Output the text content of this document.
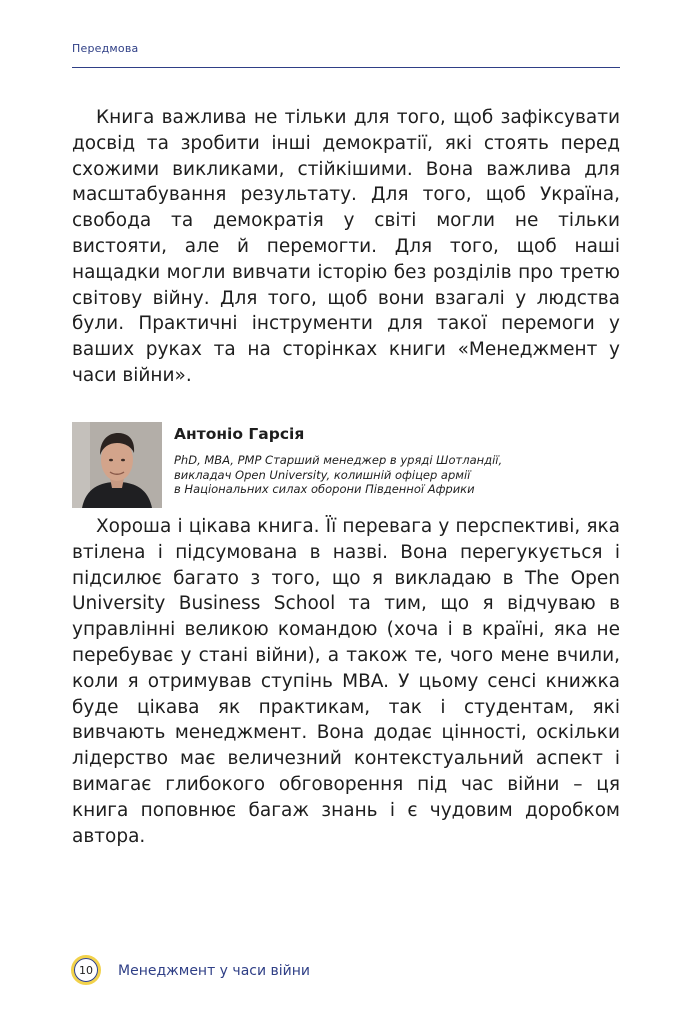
Передмова

Книга важлива не тільки для того, щоб зафіксувати досвід та зробити інші демократії, які стоять перед схожими викликами, стійкішими. Вона важлива для масштабування результату. Для того, щоб Україна, свобода та демократія у світі могли не тільки вистояти, але й перемогти. Для того, щоб наші нащадки могли вивчати історію без розділів про третю світову війну. Для того, щоб вони взагалі у людства були. Практичні інструменти для такої перемоги у ваших руках та на сторінках книги «Менеджмент у часи війни».

Антоніо Гарсія
PhD, MBA, PMP Старший менеджер в уряді Шотландії,
викладач Open University, колишній офіцер армії
в Національних силах оборони Південної Африки

Хороша і цікава книга. Її перевага у перспективі, яка втілена і підсумована в назві. Вона перегукується і підсилює багато з того, що я викладаю в The Open University Business School та тим, що я відчуваю в управлінні великою командою (хоча і в країні, яка не перебуває у стані війни), а також те, чого мене вчили, коли я отримував ступінь MBA. У цьому сенсі книжка буде цікава як практикам, так і студентам, які вивчають менеджмент. Вона додає цінності, оскільки лідерство має величезний контекстуальний аспект і вимагає глибокого обговорення під час війни – ця книга поповнює багаж знань і є чудовим доробком автора.

10	Менеджмент у часи війни
